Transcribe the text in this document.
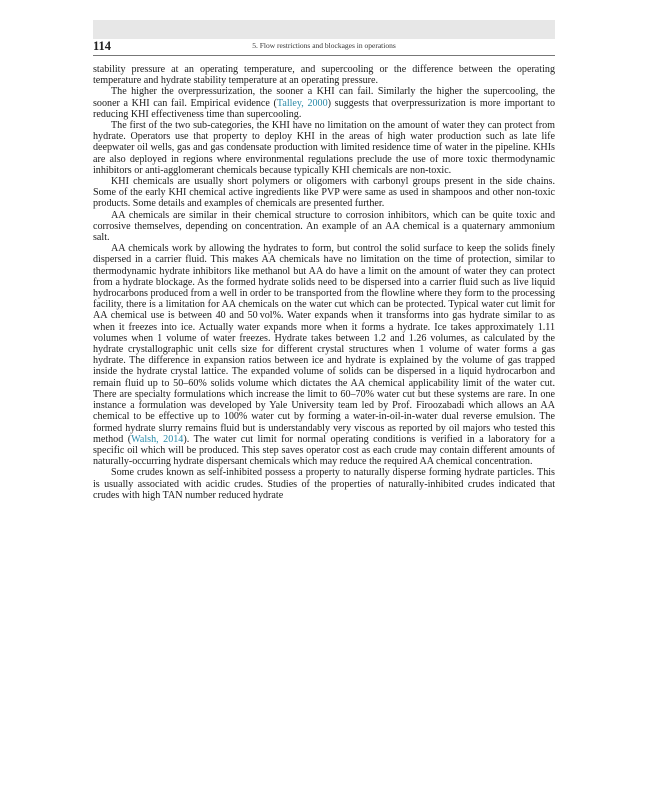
114	5. Flow restrictions and blockages in operations

stability pressure at an operating temperature, and supercooling or the difference between the operating temperature and hydrate stability temperature at an operating pressure.

The higher the overpressurization, the sooner a KHI can fail. Similarly the higher the supercooling, the sooner a KHI can fail. Empirical evidence (Talley, 2000) suggests that overpressurization is more important to reducing KHI effectiveness time than supercooling.

The first of the two sub-categories, the KHI have no limitation on the amount of water they can protect from hydrate. Operators use that property to deploy KHI in the areas of high water production such as late life deepwater oil wells, gas and gas condensate production with limited residence time of water in the pipeline. KHIs are also deployed in regions where environmental regulations preclude the use of more toxic thermodynamic inhibitors or anti-agglomerant chemicals because typically KHI chemicals are non-toxic.

KHI chemicals are usually short polymers or oligomers with carbonyl groups present in the side chains. Some of the early KHI chemical active ingredients like PVP were same as used in shampoos and other non-toxic products. Some details and examples of chemicals are presented further.

AA chemicals are similar in their chemical structure to corrosion inhibitors, which can be quite toxic and corrosive themselves, depending on concentration. An example of an AA chemical is a quaternary ammonium salt.

AA chemicals work by allowing the hydrates to form, but control the solid surface to keep the solids finely dispersed in a carrier fluid. This makes AA chemicals have no limitation on the time of protection, similar to thermodynamic hydrate inhibitors like methanol but AA do have a limit on the amount of water they can protect from a hydrate blockage. As the formed hydrate solids need to be dispersed into a carrier fluid such as live liquid hydrocarbons produced from a well in order to be transported from the flowline where they form to the processing facility, there is a limitation for AA chemicals on the water cut which can be protected. Typical water cut limit for AA chemical use is between 40 and 50 vol%. Water expands when it transforms into gas hydrate similar to as when it freezes into ice. Actually water expands more when it forms a hydrate. Ice takes approximately 1.11 volumes when 1 volume of water freezes. Hydrate takes between 1.2 and 1.26 volumes, as calculated by the hydrate crystallographic unit cells size for different crystal structures when 1 volume of water forms a gas hydrate. The difference in expansion ratios between ice and hydrate is explained by the volume of gas trapped inside the hydrate crystal lattice. The expanded volume of solids can be dispersed in a liquid hydrocarbon and remain fluid up to 50–60% solids volume which dictates the AA chemical applicability limit of the water cut. There are specialty formulations which increase the limit to 60–70% water cut but these systems are rare. In one instance a formulation was developed by Yale University team led by Prof. Firoozabadi which allows an AA chemical to be effective up to 100% water cut by forming a water-in-oil-in-water dual reverse emulsion. The formed hydrate slurry remains fluid but is understandably very viscous as reported by oil majors who tested this method (Walsh, 2014). The water cut limit for normal operating conditions is verified in a laboratory for a specific oil which will be produced. This step saves operator cost as each crude may contain different amounts of naturally-occurring hydrate dispersant chemicals which may reduce the required AA chemical concentration.

Some crudes known as self-inhibited possess a property to naturally disperse forming hydrate particles. This is usually associated with acidic crudes. Studies of the properties of naturally-inhibited crudes indicated that crudes with high TAN number reduced hydrate
